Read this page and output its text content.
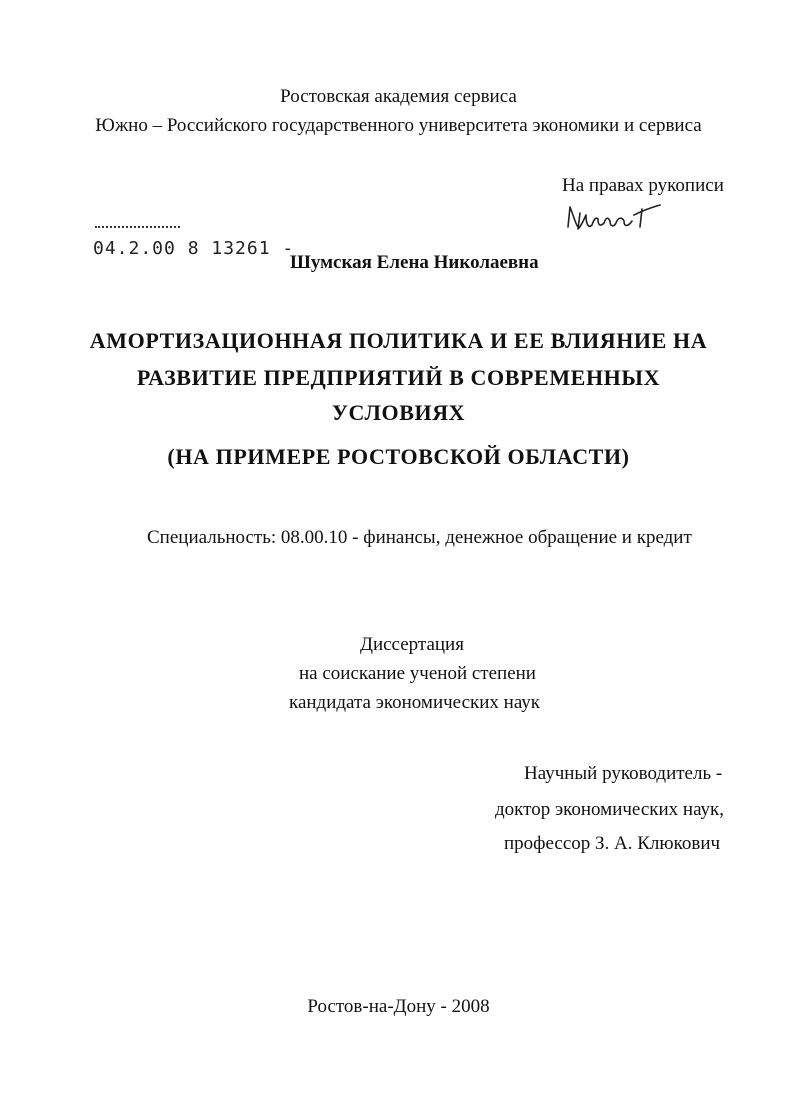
Ростовская академия сервиса
Южно – Российского государственного университета экономики и сервиса
На правах рукописи
04.2.00 8 13261 -
Шумская Елена Николаевна
АМОРТИЗАЦИОННАЯ ПОЛИТИКА И ЕЕ ВЛИЯНИЕ НА
РАЗВИТИЕ ПРЕДПРИЯТИЙ В СОВРЕМЕННЫХ
УСЛОВИЯХ
(НА ПРИМЕРЕ РОСТОВСКОЙ ОБЛАСТИ)
Специальность: 08.00.10 - финансы, денежное обращение и кредит
Диссертация
на соискание ученой степени
кандидата экономических наук
Научный руководитель -
доктор экономических наук,
профессор З. А. Клюкович
Ростов-на-Дону - 2008
